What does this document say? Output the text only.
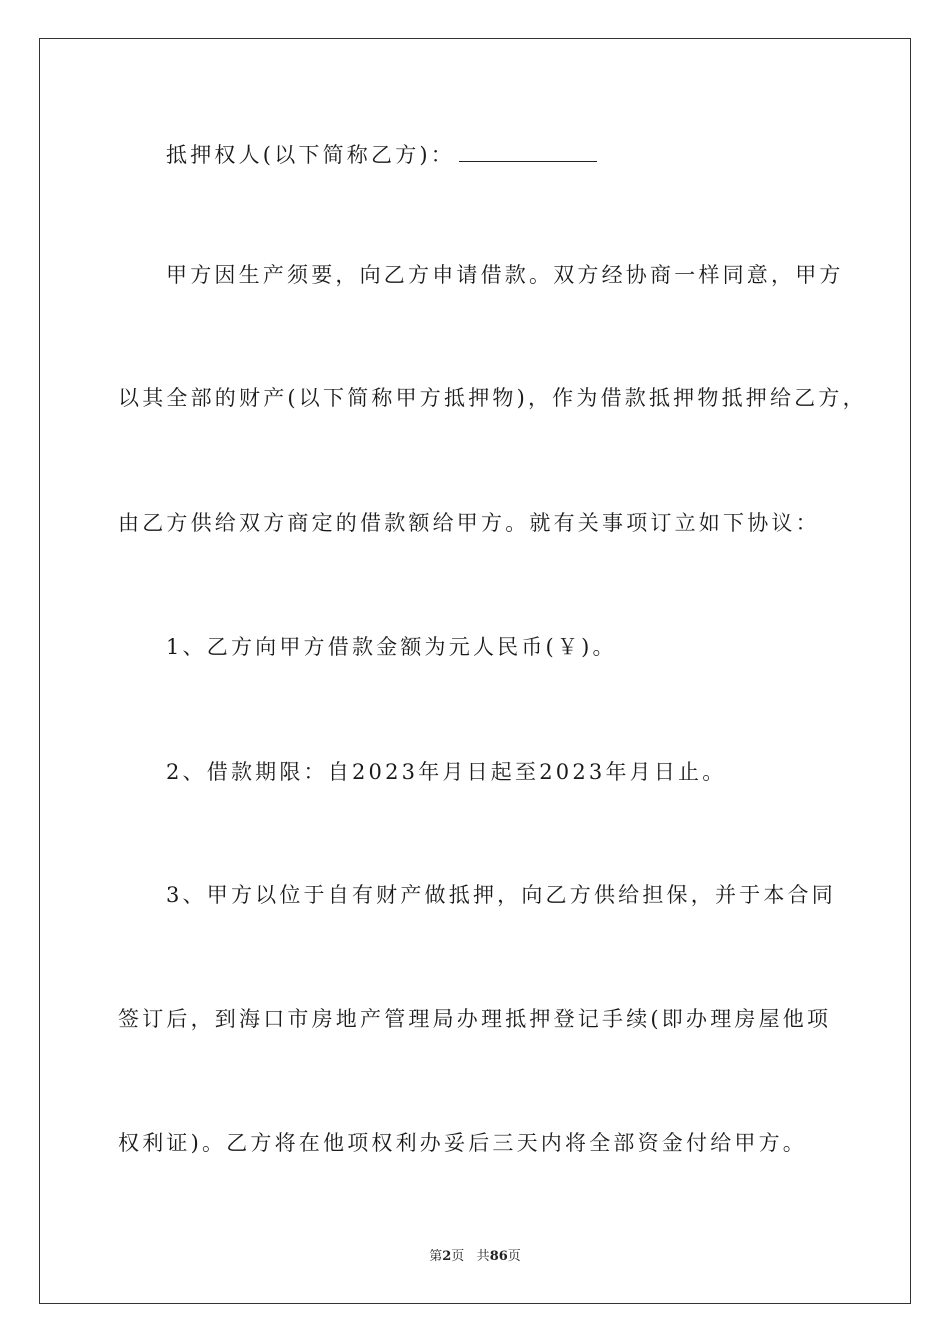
抵押权人(以下简称乙方)：
甲方因生产须要，向乙方申请借款。双方经协商一样同意，甲方
以其全部的财产(以下简称甲方抵押物)，作为借款抵押物抵押给乙方，
由乙方供给双方商定的借款额给甲方。就有关事项订立如下协议：
1、乙方向甲方借款金额为元人民币(￥)。
2、借款期限：自2023年月日起至2023年月日止。
3、甲方以位于自有财产做抵押，向乙方供给担保，并于本合同
签订后，到海口市房地产管理局办理抵押登记手续(即办理房屋他项
权利证)。乙方将在他项权利办妥后三天内将全部资金付给甲方。
第2页 共86页
